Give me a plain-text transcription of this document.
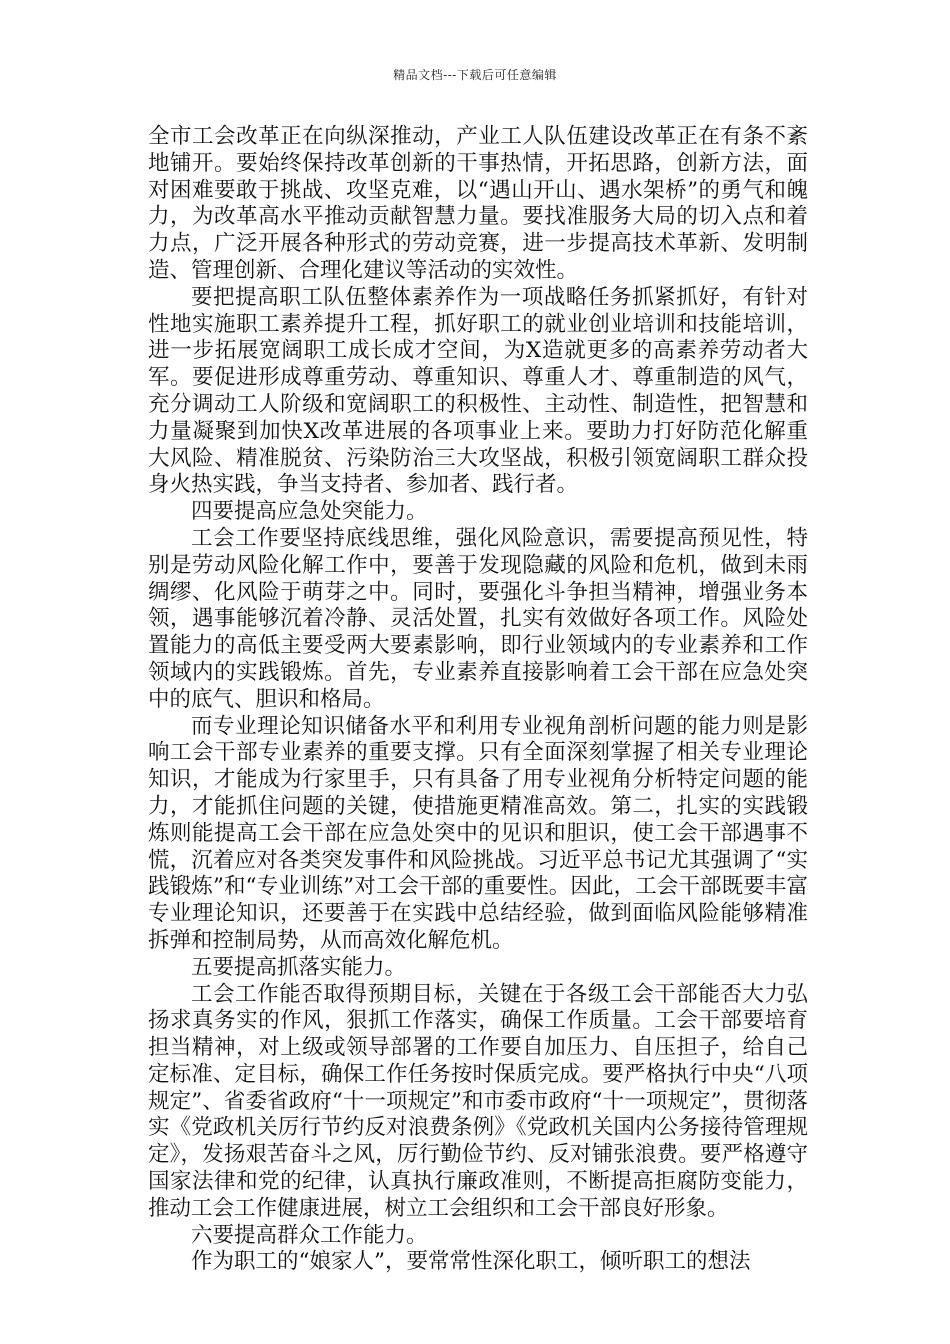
精品文档---下载后可任意编辑

全市工会改革正在向纵深推动，产业工人队伍建设改革正在有条不紊地铺开。要始终保持改革创新的干事热情，开拓思路，创新方法，面对困难要敢于挑战、攻坚克难，以“遇山开山、遇水架桥”的勇气和魄力，为改革高水平推动贡献智慧力量。要找准服务大局的切入点和着力点，广泛开展各种形式的劳动竞赛，进一步提高技术革新、发明制造、管理创新、合理化建议等活动的实效性。

要把提高职工队伍整体素养作为一项战略任务抓紧抓好，有针对性地实施职工素养提升工程，抓好职工的就业创业培训和技能培训，进一步拓展宽阔职工成长成才空间，为X造就更多的高素养劳动者大军。要促进形成尊重劳动、尊重知识、尊重人才、尊重制造的风气，充分调动工人阶级和宽阔职工的积极性、主动性、制造性，把智慧和力量凝聚到加快X改革进展的各项事业上来。要助力打好防范化解重大风险、精准脱贫、污染防治三大攻坚战，积极引领宽阔职工群众投身火热实践，争当支持者、参加者、践行者。

四要提高应急处突能力。

工会工作要坚持底线思维，强化风险意识，需要提高预见性，特别是劳动风险化解工作中，要善于发现隐藏的风险和危机，做到未雨绸缪、化风险于萌芽之中。同时，要强化斗争担当精神，增强业务本领，遇事能够沉着冷静、灵活处置，扎实有效做好各项工作。风险处置能力的高低主要受两大要素影响，即行业领域内的专业素养和工作领域内的实践锻炼。首先，专业素养直接影响着工会干部在应急处突中的底气、胆识和格局。

而专业理论知识储备水平和利用专业视角剖析问题的能力则是影响工会干部专业素养的重要支撑。只有全面深刻掌握了相关专业理论知识，才能成为行家里手，只有具备了用专业视角分析特定问题的能力，才能抓住问题的关键，使措施更精准高效。第二，扎实的实践锻炼则能提高工会干部在应急处突中的见识和胆识，使工会干部遇事不慌，沉着应对各类突发事件和风险挑战。习近平总书记尤其强调了“实践锻炼”和“专业训练”对工会干部的重要性。因此，工会干部既要丰富专业理论知识，还要善于在实践中总结经验，做到面临风险能够精准拆弹和控制局势，从而高效化解危机。

五要提高抓落实能力。

工会工作能否取得预期目标，关键在于各级工会干部能否大力弘扬求真务实的作风，狠抓工作落实，确保工作质量。工会干部要培育担当精神，对上级或领导部署的工作要自加压力、自压担子，给自己定标准、定目标，确保工作任务按时保质完成。要严格执行中央“八项规定”、省委省政府“十一项规定”和市委市政府“十一项规定”，贯彻落实《党政机关厉行节约反对浪费条例》《党政机关国内公务接待管理规定》，发扬艰苦奋斗之风，厉行勤俭节约、反对铺张浪费。要严格遵守国家法律和党的纪律，认真执行廉政准则，不断提高拒腐防变能力，推动工会工作健康进展，树立工会组织和工会干部良好形象。

六要提高群众工作能力。

作为职工的“娘家人”，要常常性深化职工，倾听职工的想法
